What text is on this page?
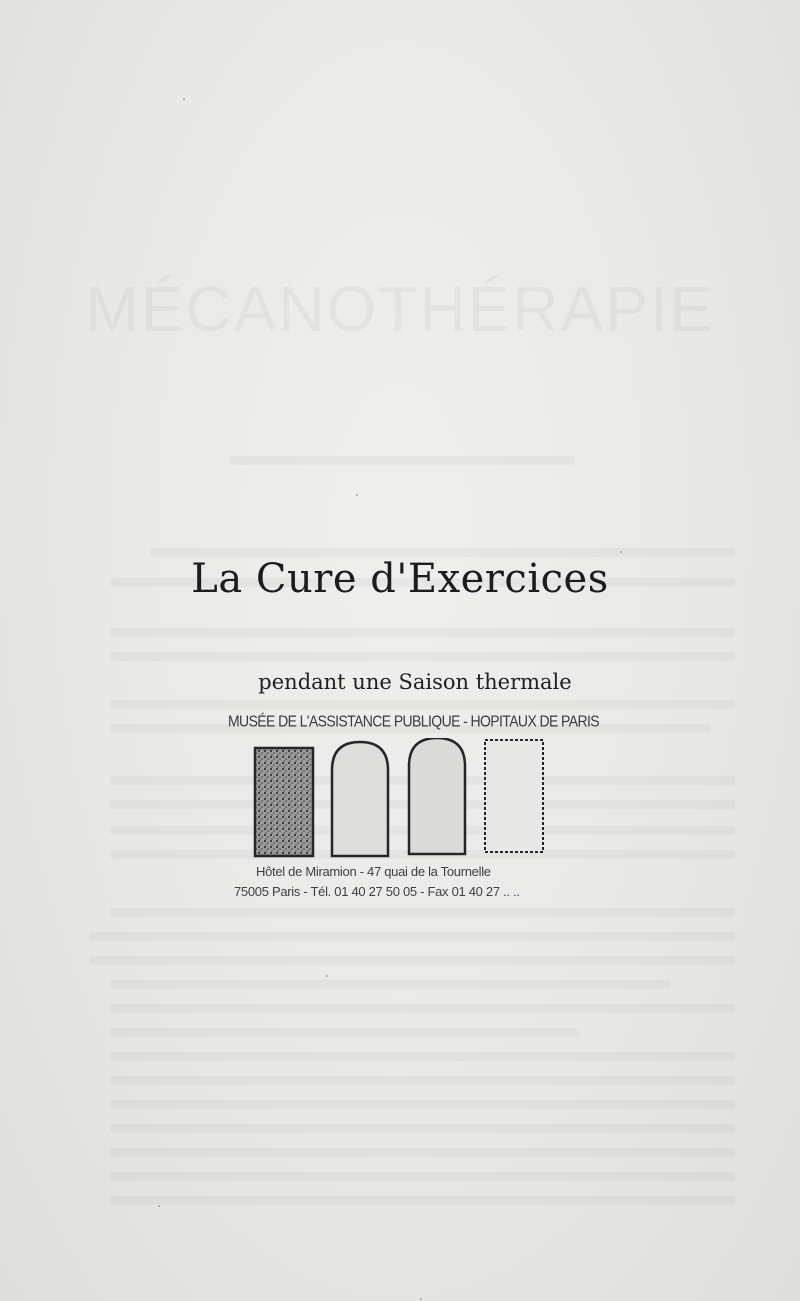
La Cure d'Exercices
pendant une Saison thermale
MUSÉE DE L'ASSISTANCE PUBLIQUE - HOPITAUX DE PARIS
Hôtel de Miramion - 47 quai de la Tournelle
75005 Paris - Tél. 01 40 27 50 05 - Fax 01 40 27 .. ..
